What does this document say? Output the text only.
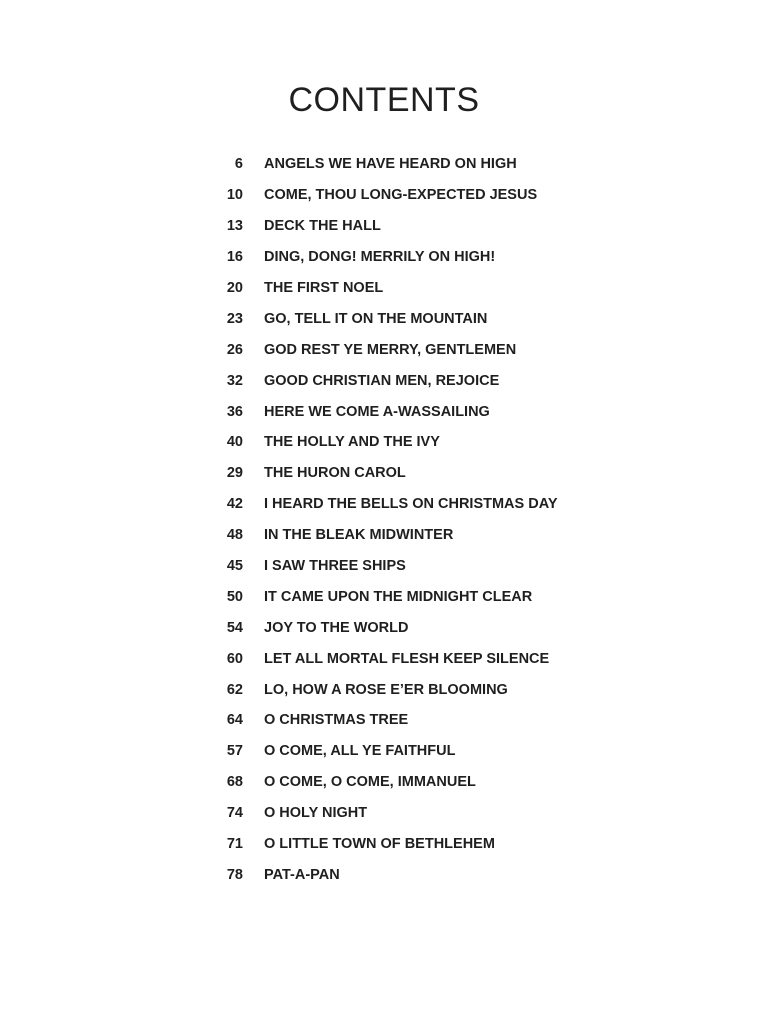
CONTENTS
6 ANGELS WE HAVE HEARD ON HIGH
10 COME, THOU LONG-EXPECTED JESUS
13 DECK THE HALL
16 DING, DONG! MERRILY ON HIGH!
20 THE FIRST NOEL
23 GO, TELL IT ON THE MOUNTAIN
26 GOD REST YE MERRY, GENTLEMEN
32 GOOD CHRISTIAN MEN, REJOICE
36 HERE WE COME A-WASSAILING
40 THE HOLLY AND THE IVY
29 THE HURON CAROL
42 I HEARD THE BELLS ON CHRISTMAS DAY
48 IN THE BLEAK MIDWINTER
45 I SAW THREE SHIPS
50 IT CAME UPON THE MIDNIGHT CLEAR
54 JOY TO THE WORLD
60 LET ALL MORTAL FLESH KEEP SILENCE
62 LO, HOW A ROSE E’ER BLOOMING
64 O CHRISTMAS TREE
57 O COME, ALL YE FAITHFUL
68 O COME, O COME, IMMANUEL
74 O HOLY NIGHT
71 O LITTLE TOWN OF BETHLEHEM
78 PAT-A-PAN
